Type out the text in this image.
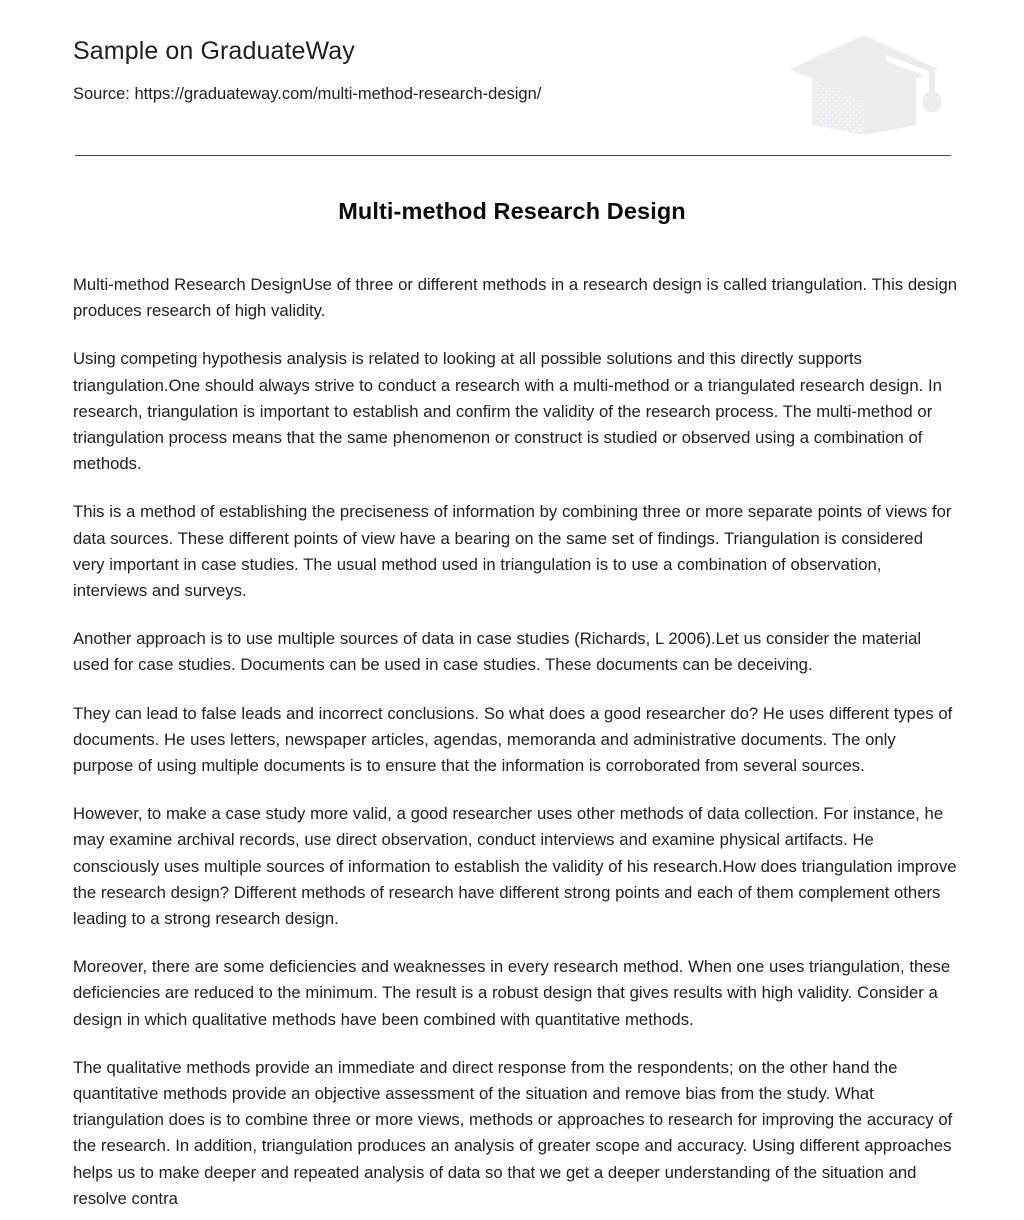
Sample on GraduateWay
Source: https://graduateway.com/multi-method-research-design/
Multi-method Research Design

Multi-method Research DesignUse of three or different methods in a research design is called triangulation. This design produces research of high validity.

Using competing hypothesis analysis is related to looking at all possible solutions and this directly supports triangulation.One should always strive to conduct a research with a multi-method or a triangulated research design. In research, triangulation is important to establish and confirm the validity of the research process. The multi-method or triangulation process means that the same phenomenon or construct is studied or observed using a combination of methods.

This is a method of establishing the preciseness of information by combining three or more separate points of views for data sources. These different points of view have a bearing on the same set of findings. Triangulation is considered very important in case studies. The usual method used in triangulation is to use a combination of observation, interviews and surveys.

Another approach is to use multiple sources of data in case studies (Richards, L 2006).Let us consider the material used for case studies. Documents can be used in case studies. These documents can be deceiving.

They can lead to false leads and incorrect conclusions. So what does a good researcher do? He uses different types of documents. He uses letters, newspaper articles, agendas, memoranda and administrative documents. The only purpose of using multiple documents is to ensure that the information is corroborated from several sources.

However, to make a case study more valid, a good researcher uses other methods of data collection. For instance, he may examine archival records, use direct observation, conduct interviews and examine physical artifacts. He consciously uses multiple sources of information to establish the validity of his research.How does triangulation improve the research design? Different methods of research have different strong points and each of them complement others leading to a strong research design.

Moreover, there are some deficiencies and weaknesses in every research method. When one uses triangulation, these deficiencies are reduced to the minimum. The result is a robust design that gives results with high validity. Consider a design in which qualitative methods have been combined with quantitative methods.

The qualitative methods provide an immediate and direct response from the respondents; on the other hand the quantitative methods provide an objective assessment of the situation and remove bias from the study. What triangulation does is to combine three or more views, methods or approaches to research for improving the accuracy of the research. In addition, triangulation produces an analysis of greater scope and accuracy. Using different approaches helps us to make deeper and repeated analysis of data so that we get a deeper understanding of the situation and resolve contra
